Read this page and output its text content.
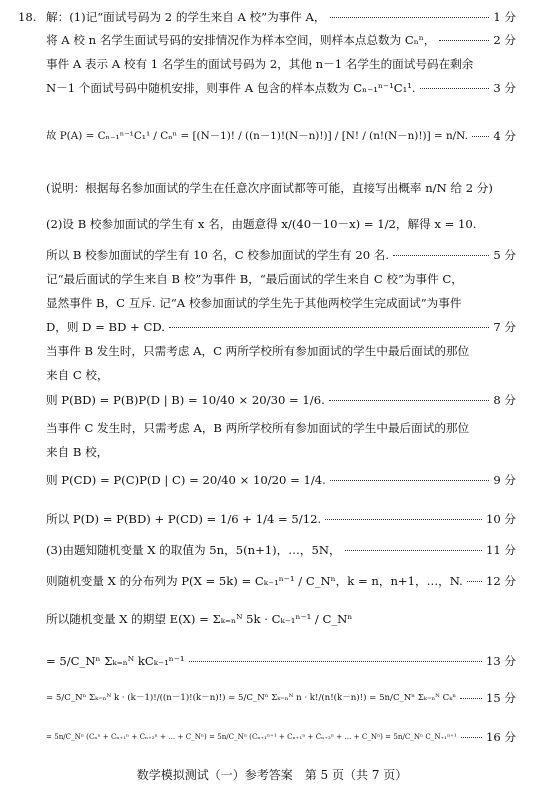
18. 解：(1)记“面试号码为 2 的学生来自 A 校”为事件 A，	1 分
将 A 校 n 名学生面试号码的安排情况作为样本空间，则样本点总数为 Cₙⁿ，	2 分
事件 A 表示 A 校有 1 名学生的面试号码为 2，其他 n－1 名学生的面试号码在剩余
N－1 个面试号码中随机安排，则事件 A 包含的样本点数为 Cₙ₋₁ⁿ⁻¹C₁¹.	3 分
故 P(A) = Cₙ₋₁ⁿ⁻¹C₁¹ / Cₙⁿ = [(N－1)! / ((n－1)!(N－n)!)] / [N! / (n!(N－n)!)] = n/N. 4 分
(说明：根据每名参加面试的学生在任意次序面试都等可能，直接写出概率 n/N 给 2 分)
(2)设 B 校参加面试的学生有 x 名，由题意得 x/(40－10－x) = 1/2，解得 x = 10.
所以 B 校参加面试的学生有 10 名，C 校参加面试的学生有 20 名.	5 分
记“最后面试的学生来自 B 校”为事件 B，“最后面试的学生来自 C 校”为事件 C，
显然事件 B，C 互斥. 记“A 校参加面试的学生先于其他两校学生完成面试”为事件
D，则 D = BD + CD.	7 分
当事件 B 发生时，只需考虑 A，C 两所学校所有参加面试的学生中最后面试的那位
来自 C 校，
则 P(BD) = P(B)P(D | B) = 10/40 × 20/30 = 1/6.	8 分
当事件 C 发生时，只需考虑 A，B 两所学校所有参加面试的学生中最后面试的那位
来自 B 校，
则 P(CD) = P(C)P(D | C) = 20/40 × 10/20 = 1/4.	9 分
所以 P(D) = P(BD) + P(CD) = 1/6 + 1/4 = 5/12.	10 分
(3)由题知随机变量 X 的取值为 5n，5(n+1)，…，5N，	11 分
则随机变量 X 的分布列为 P(X = 5k) = Cₖ₋₁ⁿ⁻¹ / C_Nⁿ，k = n，n+1，…，N. 12 分
所以随机变量 X 的期望 E(X) = Σₖ₌ₙᴺ 5k · Cₖ₋₁ⁿ⁻¹ / C_Nⁿ
= 5/C_Nⁿ Σₖ₌ₙᴺ kCₖ₋₁ⁿ⁻¹	13 分
= 5/C_Nⁿ Σₖ₌ₙᴺ k · (k－1)!/((n－1)!(k－n)!) = 5/C_Nⁿ Σₖ₌ₙᴺ n · k!/(n!(k－n)!) = 5n/C_Nⁿ Σₖ₌ₙᴺ Cₖⁿ	15 分
= 5n/C_Nⁿ (Cₙⁿ + Cₙ₊₁ⁿ + Cₙ₊₂ⁿ + … + C_Nⁿ) = 5n/C_Nⁿ (Cₙ₊₁ⁿ⁺¹ + Cₙ₊₁ⁿ + Cₙ₊₂ⁿ + … + C_Nⁿ) = 5n/C_Nⁿ C_N₊₁ⁿ⁺¹	16 分
数学模拟测试（一）参考答案　第 5 页（共 7 页）
